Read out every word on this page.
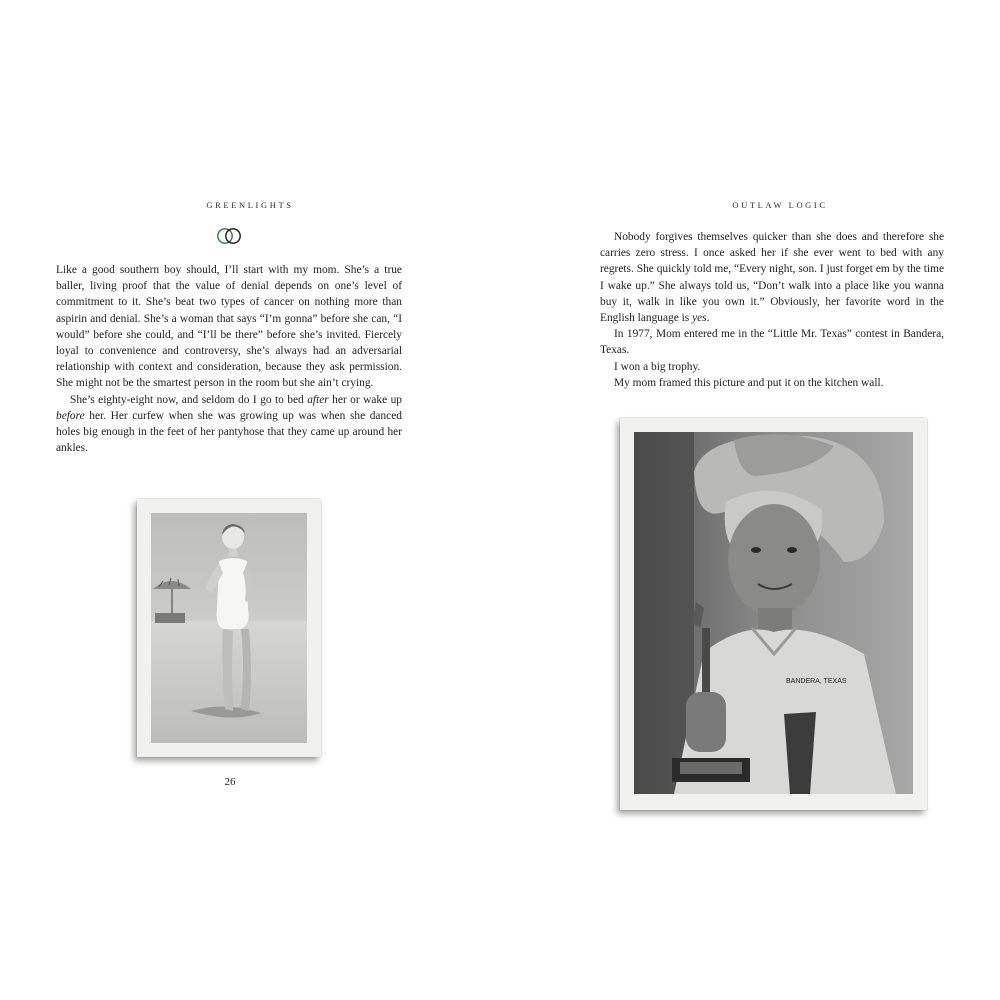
GREENLIGHTS

Like a good southern boy should, I’ll start with my mom. She’s a true baller, living proof that the value of denial depends on one’s level of commitment to it. She’s beat two types of cancer on nothing more than aspirin and denial. She’s a woman that says “I’m gonna” before she can, “I would” before she could, and “I’ll be there” before she’s invited. Fiercely loyal to convenience and controversy, she’s always had an adversarial relationship with context and consideration, because they ask permission. She might not be the smartest person in the room but she ain’t crying.

She’s eighty-eight now, and seldom do I go to bed after her or wake up before her. Her curfew when she was growing up was when she danced holes big enough in the feet of her pantyhose that they came up around her ankles.

26
OUTLAW LOGIC

Nobody forgives themselves quicker than she does and therefore she carries zero stress. I once asked her if she ever went to bed with any regrets. She quickly told me, “Every night, son. I just forget em by the time I wake up.” She always told us, “Don’t walk into a place like you wanna buy it, walk in like you own it.” Obviously, her favorite word in the English language is yes.

In 1977, Mom entered me in the “Little Mr. Texas” contest in Bandera, Texas.

I won a big trophy.

My mom framed this picture and put it on the kitchen wall.

BANDERA, TEXAS
